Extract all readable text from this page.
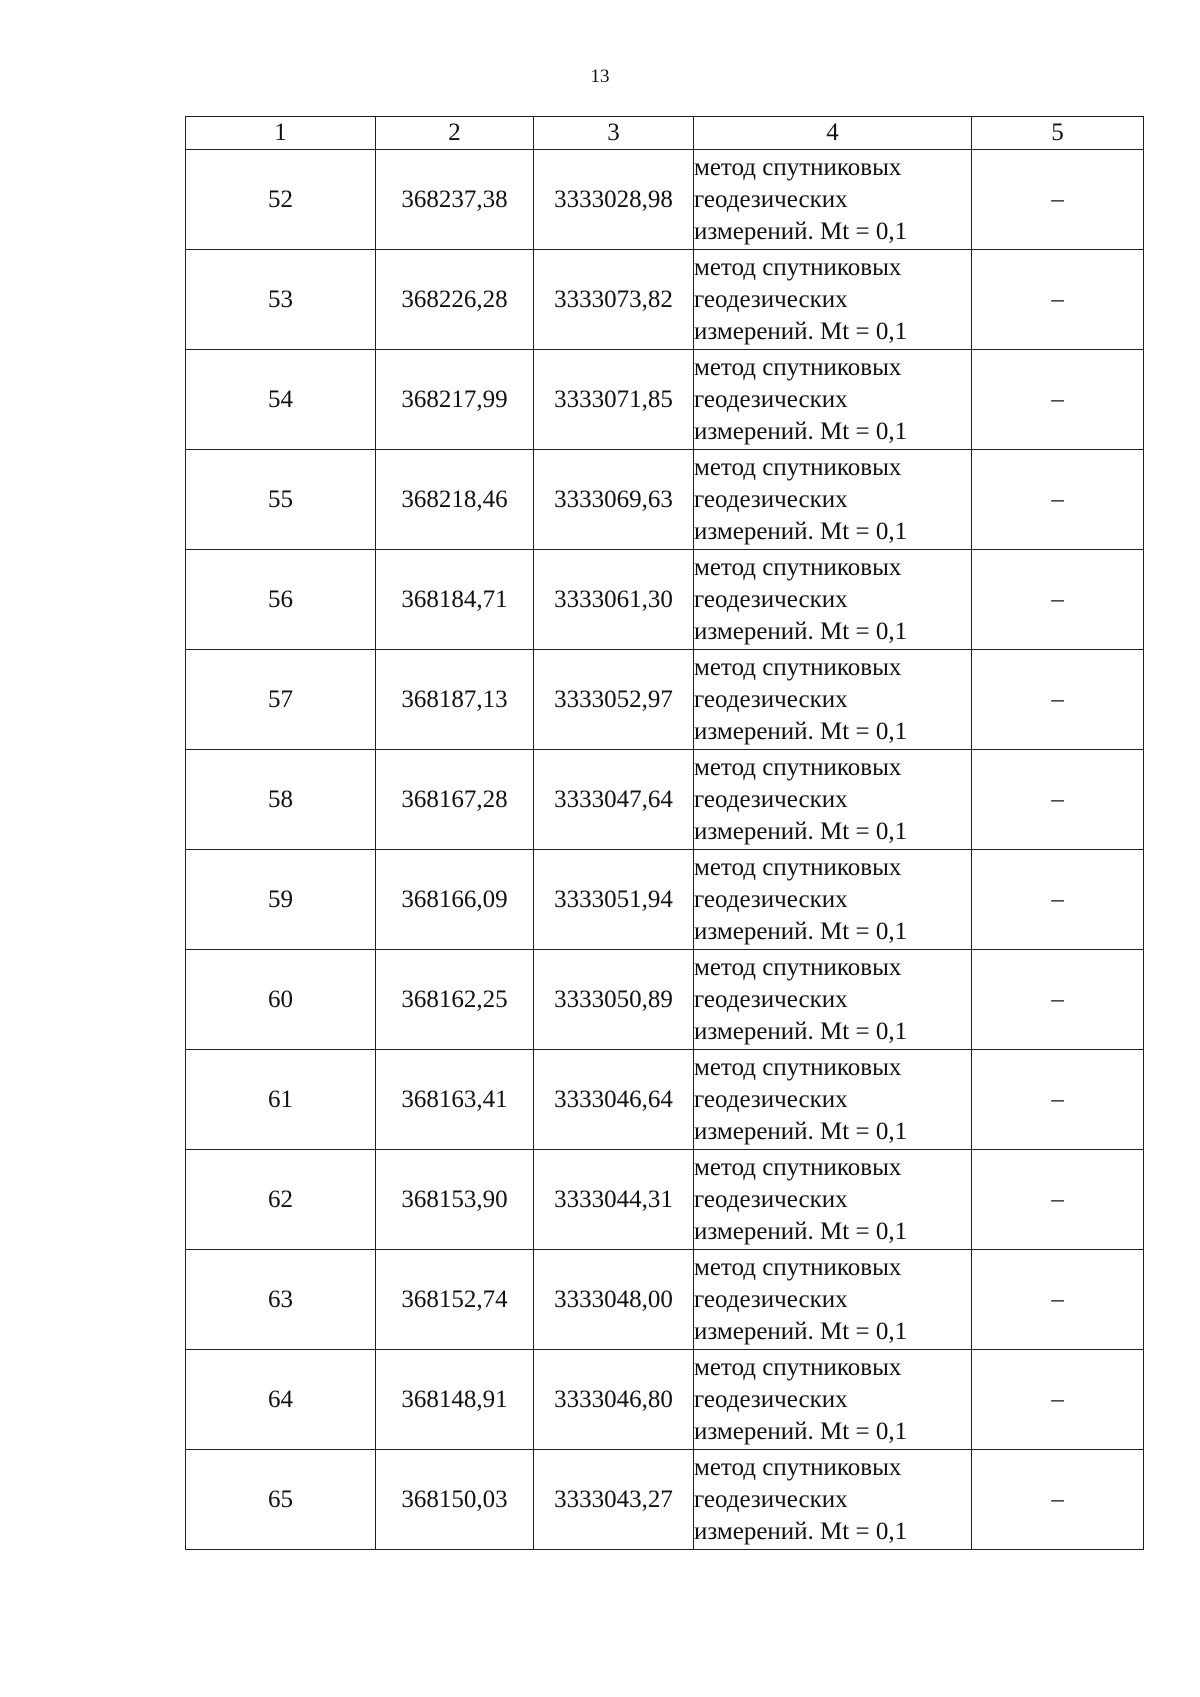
13
1	2	3	4	5
52	368237,38	3333028,98	метод спутниковых
геодезических
измерений. Mt = 0,1	–
53	368226,28	3333073,82	метод спутниковых
геодезических
измерений. Mt = 0,1	–
54	368217,99	3333071,85	метод спутниковых
геодезических
измерений. Mt = 0,1	–
55	368218,46	3333069,63	метод спутниковых
геодезических
измерений. Mt = 0,1	–
56	368184,71	3333061,30	метод спутниковых
геодезических
измерений. Mt = 0,1	–
57	368187,13	3333052,97	метод спутниковых
геодезических
измерений. Mt = 0,1	–
58	368167,28	3333047,64	метод спутниковых
геодезических
измерений. Mt = 0,1	–
59	368166,09	3333051,94	метод спутниковых
геодезических
измерений. Mt = 0,1	–
60	368162,25	3333050,89	метод спутниковых
геодезических
измерений. Mt = 0,1	–
61	368163,41	3333046,64	метод спутниковых
геодезических
измерений. Mt = 0,1	–
62	368153,90	3333044,31	метод спутниковых
геодезических
измерений. Mt = 0,1	–
63	368152,74	3333048,00	метод спутниковых
геодезических
измерений. Mt = 0,1	–
64	368148,91	3333046,80	метод спутниковых
геодезических
измерений. Mt = 0,1	–
65	368150,03	3333043,27	метод спутниковых
геодезических
измерений. Mt = 0,1	–
